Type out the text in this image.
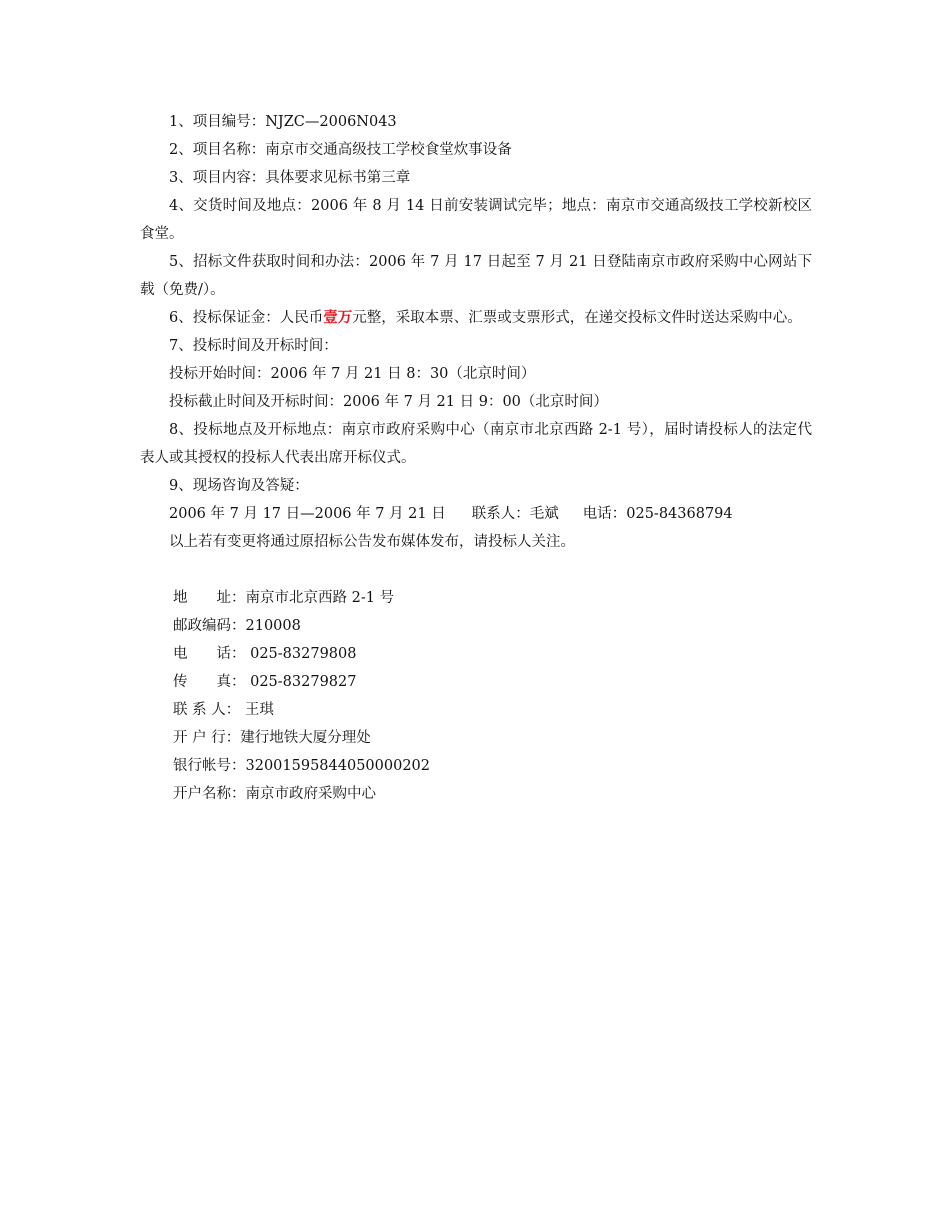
1、项目编号：NJZC—2006N043

2、项目名称：南京市交通高级技工学校食堂炊事设备

3、项目内容：具体要求见标书第三章

4、交货时间及地点：2006 年 8 月 14 日前安装调试完毕；地点：南京市交通高级技工学校新校区食堂。

5、招标文件获取时间和办法：2006 年 7 月 17 日起至 7 月 21 日登陆南京市政府采购中心网站下载（免费/）。

6、投标保证金：人民币壹万元整，采取本票、汇票或支票形式，在递交投标文件时送达采购中心。

7、投标时间及开标时间：

投标开始时间：2006 年 7 月 21 日 8：30（北京时间）

投标截止时间及开标时间：2006 年 7 月 21 日 9：00（北京时间）

8、投标地点及开标地点：南京市政府采购中心（南京市北京西路 2-1 号），届时请投标人的法定代表人或其授权的投标人代表出席开标仪式。

9、现场咨询及答疑：

2006 年 7 月 17 日—2006 年 7 月 21 日 联系人：毛斌 电话：025-84368794

以上若有变更将通过原招标公告发布媒体发布，请投标人关注。

地　　址：南京市北京西路 2-1 号

邮政编码：210008

电　　话： 025-83279808

传　　真： 025-83279827

联 系 人： 王琪

开 户 行：建行地铁大厦分理处

银行帐号：32001595844050000202

开户名称：南京市政府采购中心
